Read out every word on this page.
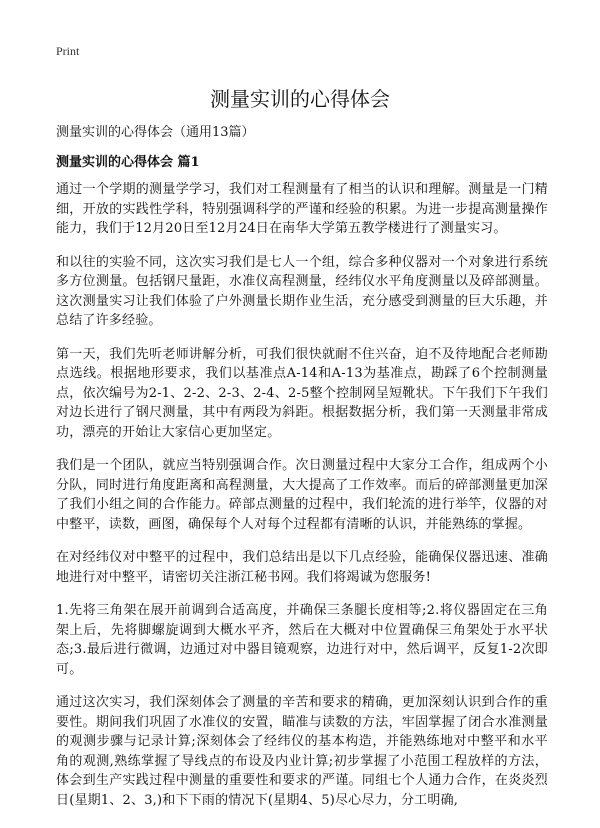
Print
测量实训的心得体会

测量实训的心得体会（通用13篇）

测量实训的心得体会 篇1

通过一个学期的测量学学习，我们对工程测量有了相当的认识和理解。测量是一门精细，开放的实践性学科，特别强调科学的严谨和经验的积累。为进一步提高测量操作能力，我们于12月20日至12月24日在南华大学第五教学楼进行了测量实习。

和以往的实验不同，这次实习我们是七人一个组，综合多种仪器对一个对象进行系统多方位测量。包括钢尺量距，水准仪高程测量，经纬仪水平角度测量以及碎部测量。这次测量实习让我们体验了户外测量长期作业生活，充分感受到测量的巨大乐趣，并总结了许多经验。

第一天，我们先听老师讲解分析，可我们很快就耐不住兴奋，迫不及待地配合老师勘点选线。根据地形要求，我们以基准点A-14和A-13为基准点，勘踩了6个控制测量点，依次编号为2-1、2-2、2-3、2-4、2-5整个控制网呈短靴状。下午我们下午我们对边长进行了钢尺测量，其中有两段为斜距。根据数据分析，我们第一天测量非常成功，漂亮的开始让大家信心更加坚定。

我们是一个团队，就应当特别强调合作。次日测量过程中大家分工合作，组成两个小分队，同时进行角度距离和高程测量，大大提高了工作效率。而后的碎部测量更加深了我们小组之间的合作能力。碎部点测量的过程中，我们轮流的进行举竿，仪器的对中整平，读数，画图，确保每个人对每个过程都有清晰的认识，并能熟练的掌握。

在对经纬仪对中整平的过程中，我们总结出是以下几点经验，能确保仪器迅速、准确地进行对中整平，请密切关注浙江秘书网。我们将竭诚为您服务!

1.先将三角架在展开前调到合适高度，并确保三条腿长度相等;2.将仪器固定在三角架上后，先将脚螺旋调到大概水平齐，然后在大概对中位置确保三角架处于水平状态;3.最后进行微调，边通过对中器目镜观察，边进行对中，然后调平，反复1-2次即可。

通过这次实习，我们深刻体会了测量的辛苦和要求的精确，更加深刻认识到合作的重要性。期间我们巩固了水准仪的安置，瞄准与读数的方法，牢固掌握了闭合水准测量的观测步骤与记录计算;深刻体会了经纬仪的基本构造，并能熟练地对中整平和水平角的观测,熟练掌握了导线点的布设及内业计算;初步掌握了小范围工程放样的方法，体会到生产实践过程中测量的重要性和要求的严谨。同组七个人通力合作，在炎炎烈日(星期1、2、3,)和下下雨的情况下(星期4、5)尽心尽力，分工明确,
